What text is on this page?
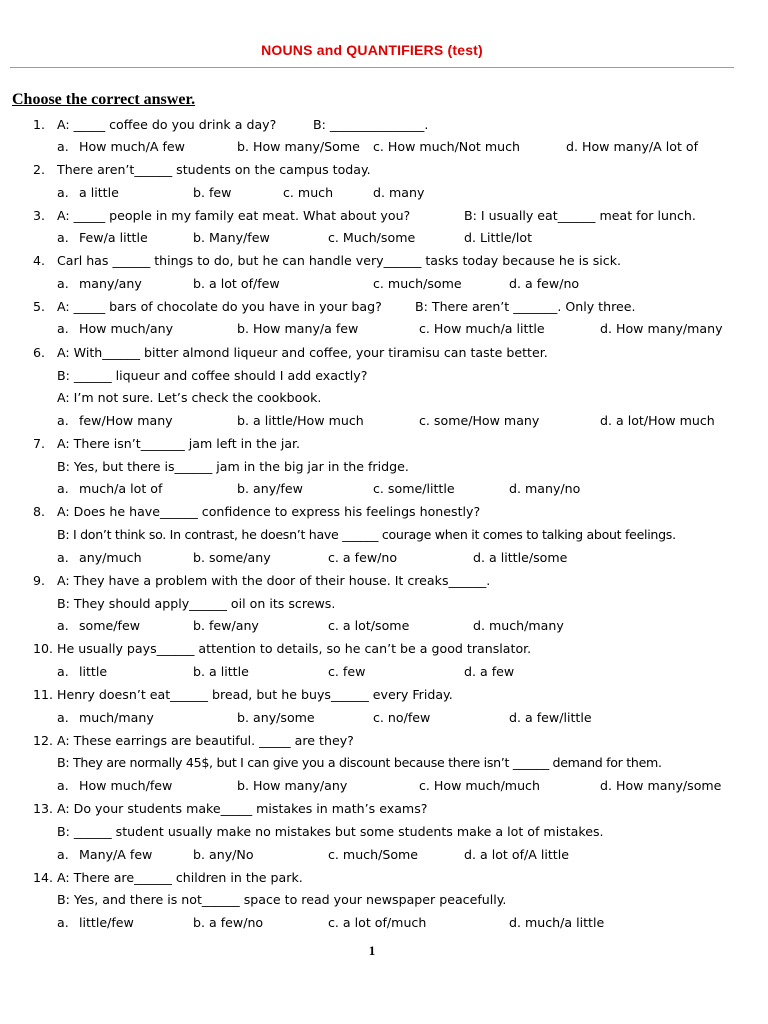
NOUNS and QUANTIFIERS (test)
Choose the correct answer.
1. A: _____ coffee do you drink a day?	B: _______________.
a. How much/A few	b. How many/Some c. How much/Not much	d. How many/A lot of
2. There aren’t______ students on the campus today.
a. a little	b. few	c. much	d. many
3. A: _____ people in my family eat meat. What about you?	B: I usually eat______ meat for lunch.
a. Few/a little	b. Many/few	c. Much/some	d. Little/lot
4. Carl has ______ things to do, but he can handle very______ tasks today because he is sick.
a. many/any	b. a lot of/few	c. much/some	d. a few/no
5. A: _____ bars of chocolate do you have in your bag?	B: There aren’t _______. Only three.
a. How much/any	b. How many/a few	c. How much/a little	d. How many/many
6. A: With______ bitter almond liqueur and coffee, your tiramisu can taste better.
B: ______ liqueur and coffee should I add exactly?
A: I’m not sure. Let’s check the cookbook.
a. few/How many	b. a little/How much	c. some/How many	d. a lot/How much
7. A: There isn’t_______ jam left in the jar.
B: Yes, but there is______ jam in the big jar in the fridge.
a. much/a lot of	b. any/few	c. some/little	d. many/no
8. A: Does he have______ confidence to express his feelings honestly?
B: I don’t think so. In contrast, he doesn’t have ______ courage when it comes to talking about feelings.
a. any/much	b. some/any	c. a few/no	d. a little/some
9. A: They have a problem with the door of their house. It creaks______.
B: They should apply______ oil on its screws.
a. some/few	b. few/any	c. a lot/some	d. much/many
10. He usually pays______ attention to details, so he can’t be a good translator.
a. little	b. a little	c. few	d. a few
11. Henry doesn’t eat______ bread, but he buys______ every Friday.
a. much/many	b. any/some	c. no/few	d. a few/little
12. A: These earrings are beautiful. _____ are they?
B: They are normally 45$, but I can give you a discount because there isn’t ______ demand for them.
a. How much/few	b. How many/any	c. How much/much	d. How many/some
13. A: Do your students make_____ mistakes in math’s exams?
B: ______ student usually make no mistakes but some students make a lot of mistakes.
a. Many/A few	b. any/No	c. much/Some	d. a lot of/A little
14. A: There are______ children in the park.
B: Yes, and there is not______ space to read your newspaper peacefully.
a. little/few	b. a few/no	c. a lot of/much	d. much/a little
1
